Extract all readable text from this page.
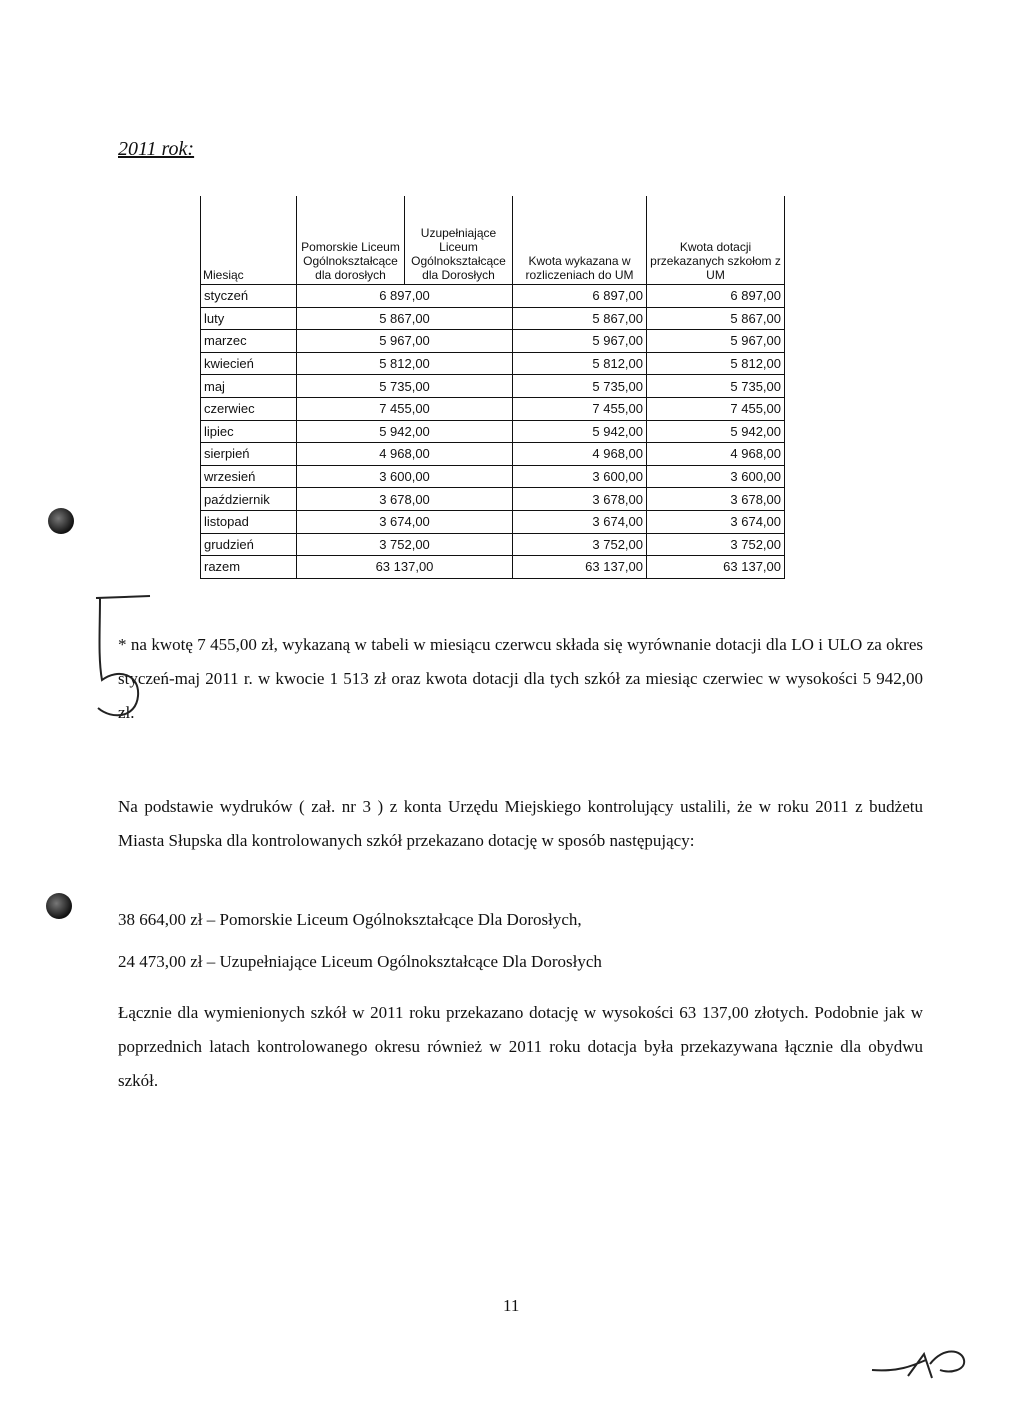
2011 rok:
Miesiąc	Pomorskie Liceum Ogólnokształcące dla dorosłych	Uzupełniające Liceum Ogólnokształcące dla Dorosłych	Kwota wykazana w rozliczeniach do UM	Kwota dotacji przekazanych szkołom z UM
styczeń	6 897,00		6 897,00	6 897,00
luty	5 867,00		5 867,00	5 867,00
marzec	5 967,00		5 967,00	5 967,00
kwiecień	5 812,00		5 812,00	5 812,00
maj	5 735,00		5 735,00	5 735,00
czerwiec	7 455,00		7 455,00	7 455,00
lipiec	5 942,00		5 942,00	5 942,00
sierpień	4 968,00		4 968,00	4 968,00
wrzesień	3 600,00		3 600,00	3 600,00
październik	3 678,00		3 678,00	3 678,00
listopad	3 674,00		3 674,00	3 674,00
grudzień	3 752,00		3 752,00	3 752,00
razem	63 137,00		63 137,00	63 137,00

* na kwotę 7 455,00 zł, wykazaną w tabeli w miesiącu czerwcu składa się wyrównanie dotacji dla LO i ULO za okres styczeń-maj 2011 r. w kwocie 1 513 zł oraz kwota dotacji dla tych szkół za miesiąc czerwiec w wysokości 5 942,00 zł.

Na podstawie wydruków ( zał. nr 3 ) z konta Urzędu Miejskiego kontrolujący ustalili, że w roku 2011 z budżetu Miasta Słupska dla kontrolowanych szkół przekazano dotację w sposób następujący:

38 664,00 zł – Pomorskie Liceum Ogólnokształcące Dla Dorosłych,

24 473,00 zł – Uzupełniające Liceum Ogólnokształcące Dla Dorosłych

Łącznie dla wymienionych szkół w 2011 roku przekazano dotację w wysokości 63 137,00 złotych. Podobnie jak w poprzednich latach kontrolowanego okresu również w 2011 roku dotacja była przekazywana łącznie dla obydwu szkół.

11
